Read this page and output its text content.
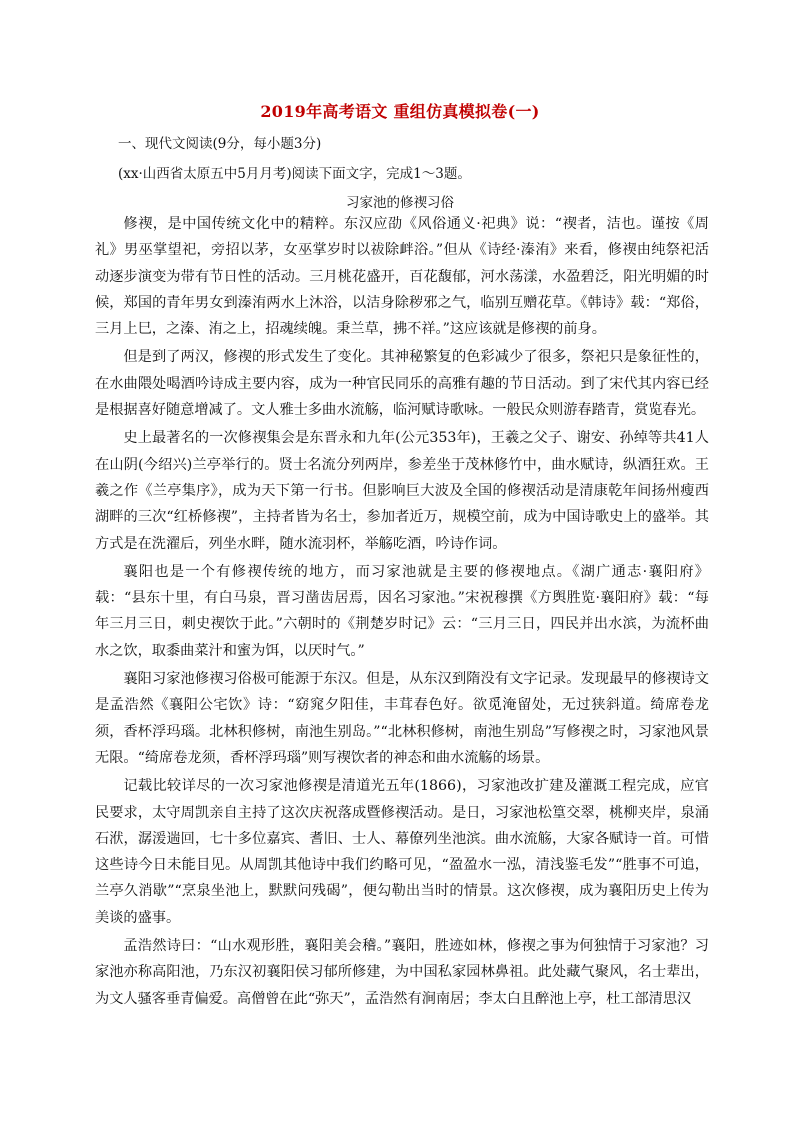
2019年高考语文 重组仿真模拟卷(一)
一、现代文阅读(9分，每小题3分)
(xx·山西省太原五中5月月考)阅读下面文字，完成1～3题。
习家池的修禊习俗

修禊，是中国传统文化中的精粹。东汉应劭《风俗通义·祀典》说：“禊者，洁也。谨按《周礼》男巫掌望祀，旁招以茅，女巫掌岁时以祓除衅浴。”但从《诗经·溱洧》来看，修禊由纯祭祀活动逐步演变为带有节日性的活动。三月桃花盛开，百花馥郁，河水荡漾，水盈碧泛，阳光明媚的时候，郑国的青年男女到溱洧两水上沐浴，以洁身除秽邪之气，临别互赠花草。《韩诗》载：“郑俗，三月上巳，之溱、洧之上，招魂续魄。秉兰草，拂不祥。”这应该就是修禊的前身。

但是到了两汉，修禊的形式发生了变化。其神秘繁复的色彩减少了很多，祭祀只是象征性的，在水曲隈处喝酒吟诗成主要内容，成为一种官民同乐的高雅有趣的节日活动。到了宋代其内容已经是根据喜好随意增减了。文人雅士多曲水流觞，临河赋诗歌咏。一般民众则游春踏青，赏览春光。

史上最著名的一次修禊集会是东晋永和九年(公元353年)，王羲之父子、谢安、孙绰等共41人在山阴(今绍兴)兰亭举行的。贤士名流分列两岸，参差坐于茂林修竹中，曲水赋诗，纵酒狂欢。王羲之作《兰亭集序》，成为天下第一行书。但影响巨大波及全国的修禊活动是清康乾年间扬州瘦西湖畔的三次“红桥修禊”，主持者皆为名士，参加者近万，规模空前，成为中国诗歌史上的盛举。其方式是在洗濯后，列坐水畔，随水流羽杯，举觞吃酒，吟诗作词。

襄阳也是一个有修禊传统的地方，而习家池就是主要的修禊地点。《湖广通志·襄阳府》载：“县东十里，有白马泉，晋习凿齿居焉，因名习家池。”宋祝穆撰《方舆胜览·襄阳府》载：“每年三月三日，刺史禊饮于此。”六朝时的《荆楚岁时记》云：“三月三日，四民并出水滨，为流杯曲水之饮，取黍曲菜汁和蜜为饵，以厌时气。”

襄阳习家池修禊习俗极可能源于东汉。但是，从东汉到隋没有文字记录。发现最早的修禊诗文是孟浩然《襄阳公宅饮》诗：“窈窕夕阳佳，丰茸春色好。欲觅淹留处，无过狭斜道。绮席卷龙须，香杯浮玛瑙。北林积修树，南池生别岛。”“北林积修树，南池生别岛”写修禊之时，习家池风景无限。“绮席卷龙须，香杯浮玛瑙”则写禊饮者的神态和曲水流觞的场景。

记载比较详尽的一次习家池修禊是清道光五年(1866)，习家池改扩建及灌溉工程完成，应官民要求，太守周凯亲自主持了这次庆祝落成暨修禊活动。是日，习家池松篁交翠，桃柳夹岸，泉涌石洑，潺湲遄回，七十多位嘉宾、耆旧、士人、幕僚列坐池滨。曲水流觞，大家各赋诗一首。可惜这些诗今日未能目见。从周凯其他诗中我们约略可见，“盈盈水一泓，清浅鉴毛发”“胜事不可追，兰亭久消歇”“烹泉坐池上，默默问残碣”，便勾勒出当时的情景。这次修禊，成为襄阳历史上传为美谈的盛事。

孟浩然诗曰：“山水观形胜，襄阳美会稽。”襄阳，胜迹如林，修禊之事为何独情于习家池？习家池亦称高阳池，乃东汉初襄阳侯习郁所修建，为中国私家园林鼻祖。此处藏气聚风，名士辈出，为文人骚客垂青偏爱。高僧曾在此“弥天”，孟浩然有涧南居；李太白且醉池上亭，杜工部清思汉
